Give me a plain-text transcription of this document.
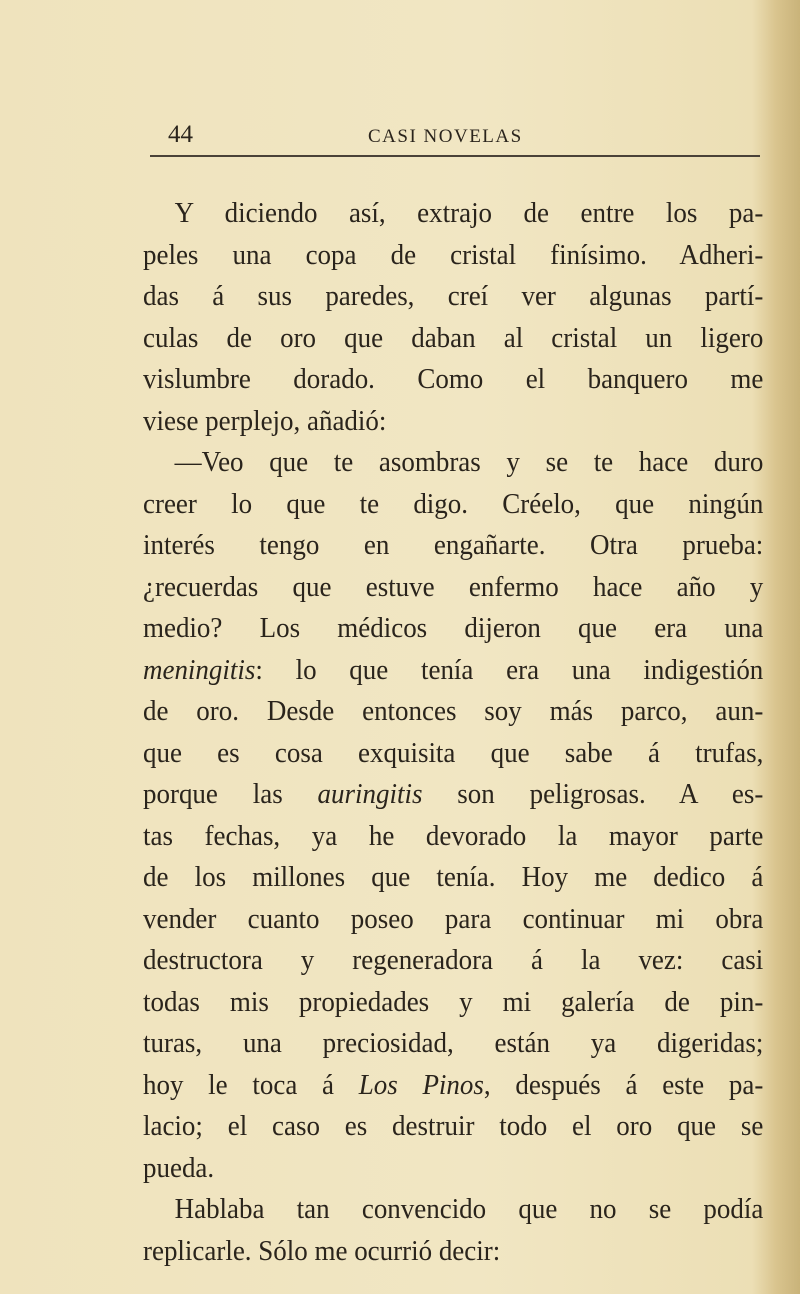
44	CASI NOVELAS
Y diciendo así, extrajo de entre los pa-
peles una copa de cristal finísimo. Adheri-
das á sus paredes, creí ver algunas partí-
culas de oro que daban al cristal un ligero
vislumbre dorado. Como el banquero me
viese perplejo, añadió:
—Veo que te asombras y se te hace duro
creer lo que te digo. Créelo, que ningún
interés tengo en engañarte. Otra prueba:
¿recuerdas que estuve enfermo hace año y
medio? Los médicos dijeron que era una
meningitis: lo que tenía era una indigestión
de oro. Desde entonces soy más parco, aun-
que es cosa exquisita que sabe á trufas,
porque las auringitis son peligrosas. A es-
tas fechas, ya he devorado la mayor parte
de los millones que tenía. Hoy me dedico á
vender cuanto poseo para continuar mi obra
destructora y regeneradora á la vez: casi
todas mis propiedades y mi galería de pin-
turas, una preciosidad, están ya digeridas;
hoy le toca á Los Pinos, después á este pa-
lacio; el caso es destruir todo el oro que se
pueda.
Hablaba tan convencido que no se podía
replicarle. Sólo me ocurrió decir:
